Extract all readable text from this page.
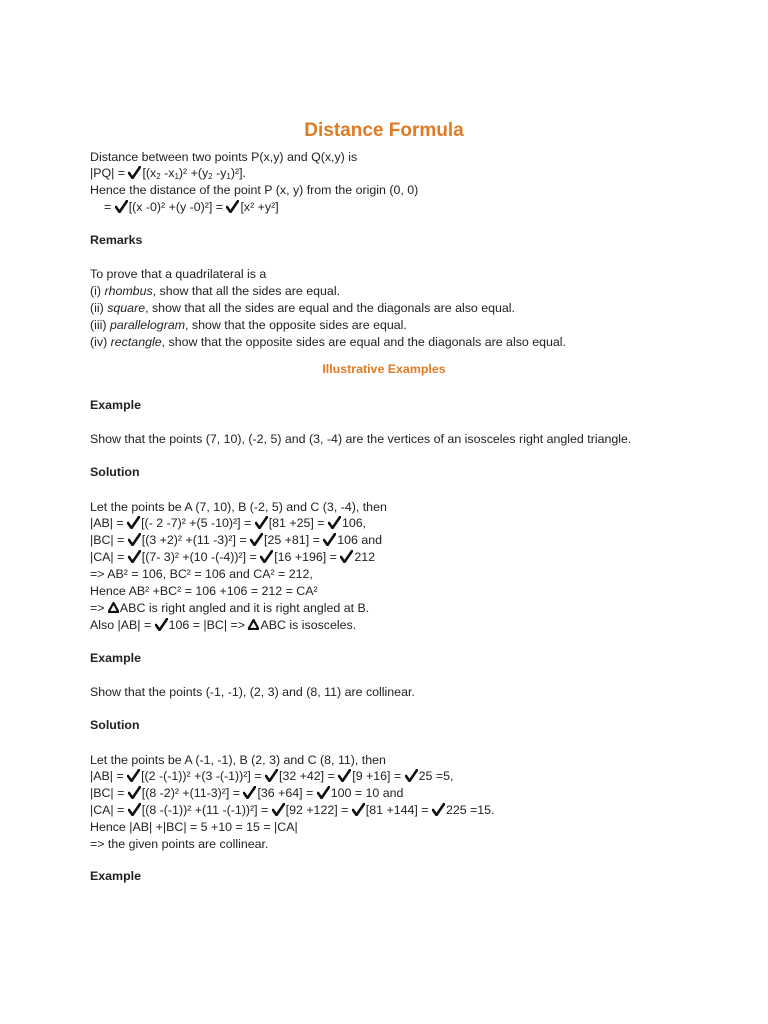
Distance Formula
Distance between two points P(x,y) and Q(x,y) is
|PQ| =
[($x_2$ $-x_1)^2 +(y_2$ $-y_1)^2$].
Hence the distance of the point P (x, y) from the origin (0, 0)
=
[(x -0)² +(y -0)²] =
[x² +y²]
Remarks
To prove that a quadrilateral is a
(i) rhombus, show that all the sides are equal.
(ii) square, show that all the sides are equal and the diagonals are also equal.
(iii) parallelogram, show that the opposite sides are equal.
(iv) rectangle, show that the opposite sides are equal and the diagonals are also equal.
Illustrative Examples
Example
Show that the points (7, 10), (-2, 5) and (3, -4) are the vertices of an isosceles right angled triangle.
Solution
Let the points be A (7, 10), B (-2, 5) and C (3, -4), then
|AB| =
[(- 2 -7)² +(5 -10)²] =
[81 +25] =
106,
|BC| =
[(3 +2)² +(11 -3)²] =
[25 +81] =
106 and
|CA| =
[(7- 3)² +(10 -(-4))²] =
[16 +196] =
212
=> AB² = 106, BC² = 106 and CA² = 212,
Hence AB² +BC² = 106 +106 = 212 = CA²
=>
ABC is right angled and it is right angled at B.
Also |AB| =
106 = |BC| =>
ABC is isosceles.
Example
Show that the points (-1, -1), (2, 3) and (8, 11) are collinear.
Solution
Let the points be A (-1, -1), B (2, 3) and C (8, 11), then
|AB| =
[(2 -(-1))² +(3 -(-1))²] =
[32 +42] =
[9 +16] =
25 =5,
|BC| =
[(8 -2)² +(11-3)²] =
[36 +64] =
100 = 10 and
|CA| =
[(8 -(-1))² +(11 -(-1))²] =
[92 +122] =
[81 +144] =
225 =15.
Hence |AB| +|BC| = 5 +10 = 15 = |CA|
=> the given points are collinear.
Example
